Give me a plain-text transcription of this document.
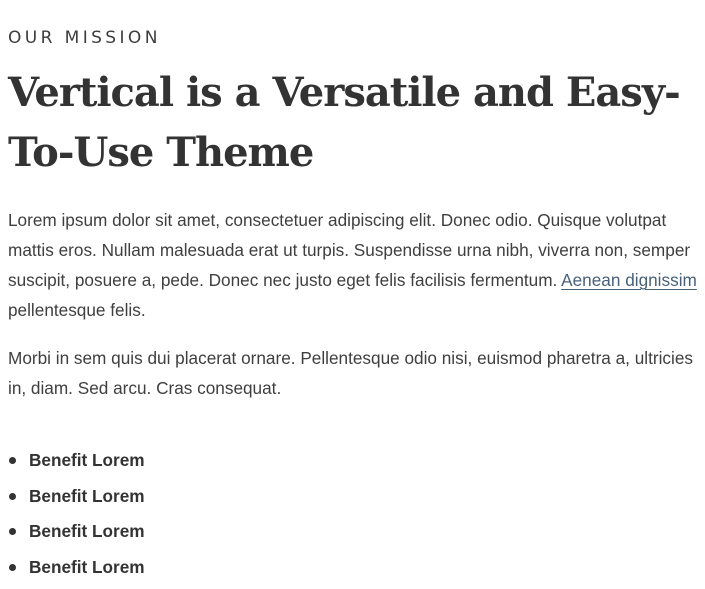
OUR MISSION
Vertical is a Versatile and Easy-To-Use Theme

Lorem ipsum dolor sit amet, consectetuer adipiscing elit. Donec odio. Quisque volutpat mattis eros. Nullam malesuada erat ut turpis. Suspendisse urna nibh, viverra non, semper suscipit, posuere a, pede. Donec nec justo eget felis facilisis fermentum. Aenean dignissim pellentesque felis.

Morbi in sem quis dui placerat ornare. Pellentesque odio nisi, euismod pharetra a, ultricies in, diam. Sed arcu. Cras consequat.

Benefit Lorem
Benefit Lorem
Benefit Lorem
Benefit Lorem
